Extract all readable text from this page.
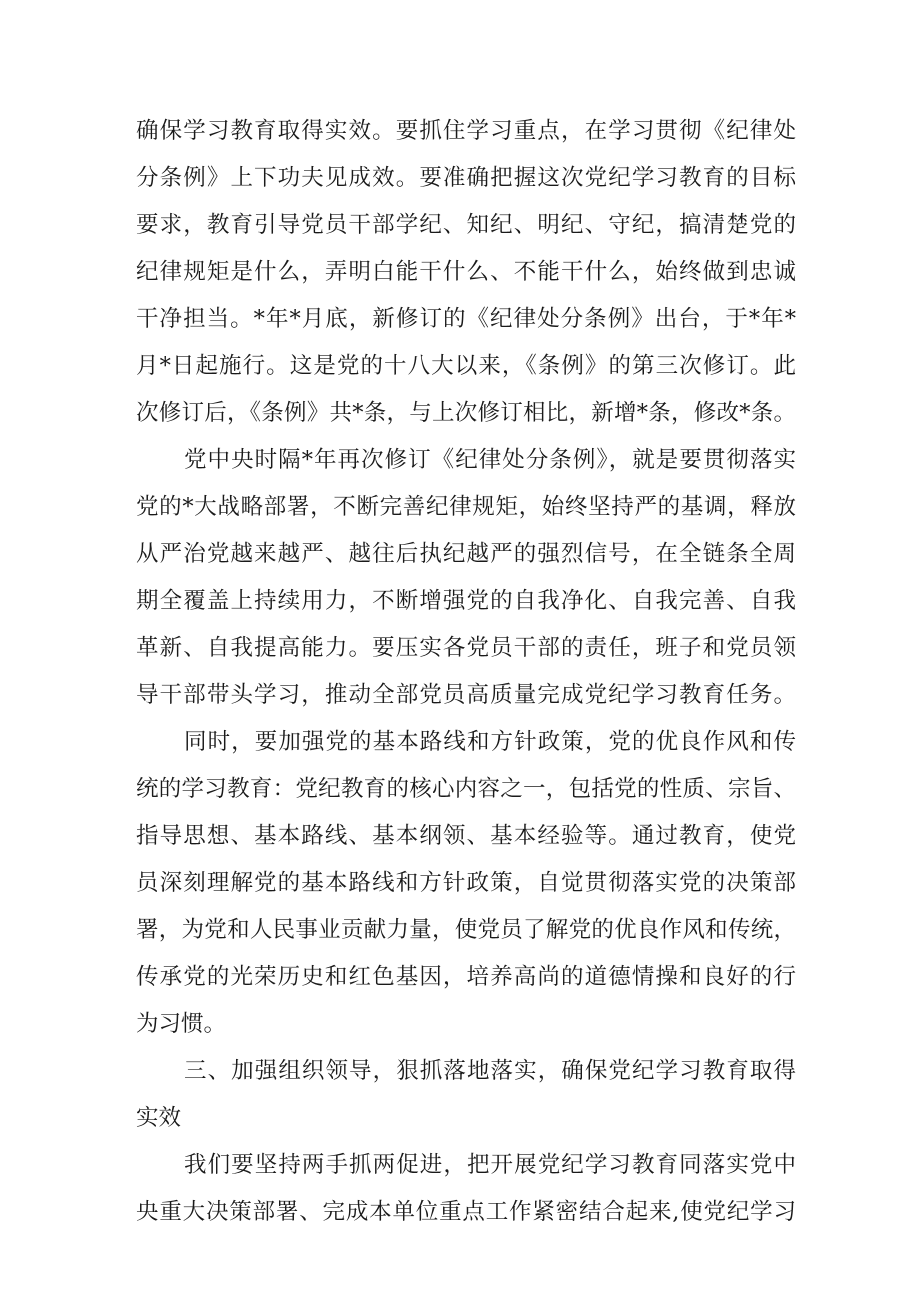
确保学习教育取得实效。要抓住学习重点，在学习贯彻《纪律处
分条例》上下功夫见成效。要准确把握这次党纪学习教育的目标
要求，教育引导党员干部学纪、知纪、明纪、守纪，搞清楚党的
纪律规矩是什么，弄明白能干什么、不能干什么，始终做到忠诚
干净担当。*年*月底，新修订的《纪律处分条例》出台，于*年*
月*日起施行。这是党的十八大以来，《条例》的第三次修订。此
次修订后，《条例》共*条，与上次修订相比，新增*条，修改*条。
党中央时隔*年再次修订《纪律处分条例》，就是要贯彻落实
党的*大战略部署，不断完善纪律规矩，始终坚持严的基调，释放
从严治党越来越严、越往后执纪越严的强烈信号，在全链条全周
期全覆盖上持续用力，不断增强党的自我净化、自我完善、自我
革新、自我提高能力。要压实各党员干部的责任，班子和党员领
导干部带头学习，推动全部党员高质量完成党纪学习教育任务。
同时，要加强党的基本路线和方针政策，党的优良作风和传
统的学习教育：党纪教育的核心内容之一，包括党的性质、宗旨、
指导思想、基本路线、基本纲领、基本经验等。通过教育，使党
员深刻理解党的基本路线和方针政策，自觉贯彻落实党的决策部
署，为党和人民事业贡献力量，使党员了解党的优良作风和传统，
传承党的光荣历史和红色基因，培养高尚的道德情操和良好的行
为习惯。
三、加强组织领导，狠抓落地落实，确保党纪学习教育取得
实效
我们要坚持两手抓两促进，把开展党纪学习教育同落实党中
央重大决策部署、完成本单位重点工作紧密结合起来,使党纪学习
